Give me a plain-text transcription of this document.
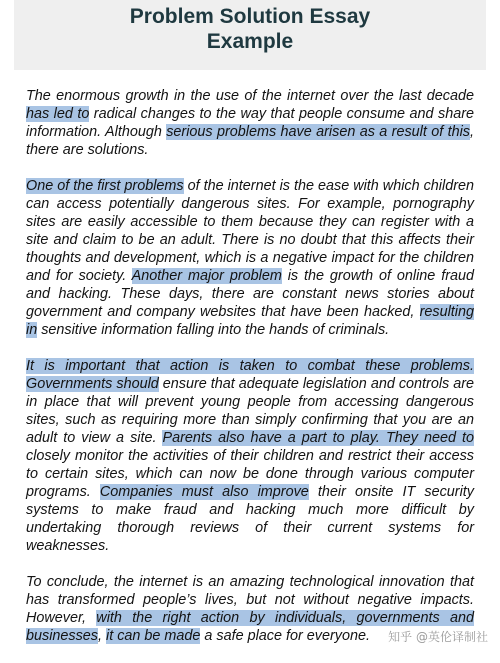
Problem Solution Essay
Example

The enormous growth in the use of the internet over the last decade has led to radical changes to the way that people consume and share information. Although serious problems have arisen as a result of this, there are solutions.

One of the first problems of the internet is the ease with which children can access potentially dangerous sites. For example, pornography sites are easily accessible to them because they can register with a site and claim to be an adult. There is no doubt that this affects their thoughts and development, which is a negative impact for the children and for society. Another major problem is the growth of online fraud and hacking. These days, there are constant news stories about government and company websites that have been hacked, resulting in sensitive information falling into the hands of criminals.

It is important that action is taken to combat these problems. Governments should ensure that adequate legislation and controls are in place that will prevent young people from accessing dangerous sites, such as requiring more than simply confirming that you are an adult to view a site. Parents also have a part to play. They need to closely monitor the activities of their children and restrict their access to certain sites, which can now be done through various computer programs. Companies must also improve their onsite IT security systems to make fraud and hacking much more difficult by undertaking thorough reviews of their current systems for weaknesses.

To conclude, the internet is an amazing technological innovation that has transformed people’s lives, but not without negative impacts. However, with the right action by individuals, governments and businesses, it can be made a safe place for everyone.	知乎 @英伦译制社
